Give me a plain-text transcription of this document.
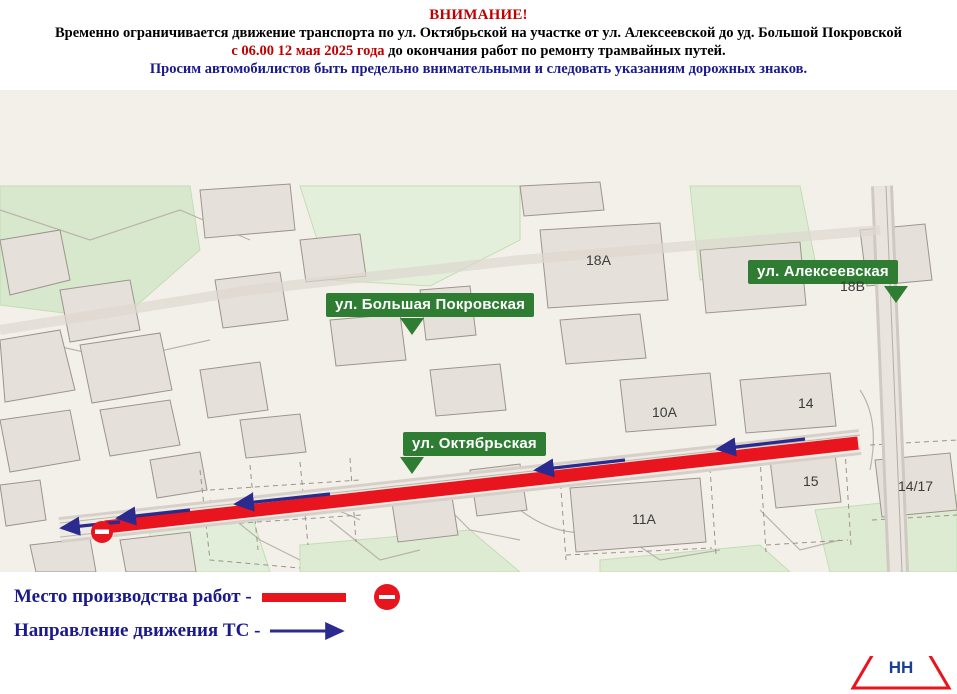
ВНИМАНИЕ!
Временно ограничивается движение транспорта по ул. Октябрьской на участке от ул. Алексеевской до уд. Большой Покровской
с 06.00 12 мая 2025 года до окончания работ по ремонту трамвайных путей.
Просим автомобилистов быть предельно внимательными и следовать указаниям дорожных знаков.
ул. Большая Покровская
ул. Октябрьская
ул. Алексеевская
18А
18В
10А
14
15	14/17
11А
НН
Место производства работ -
Направление движения ТС -
